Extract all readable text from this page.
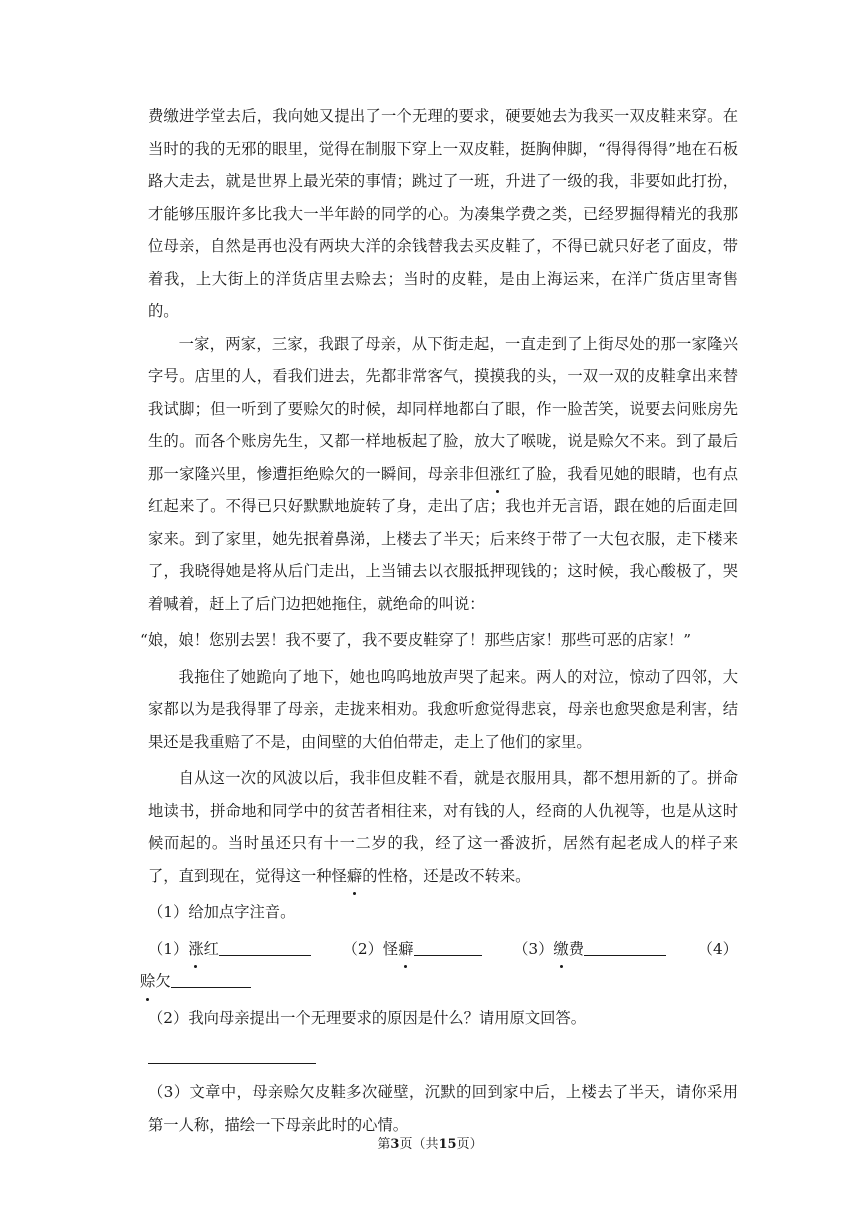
费缴进学堂去后，我向她又提出了一个无理的要求，硬要她去为我买一双皮鞋来穿。在当时的我的无邪的眼里，觉得在制服下穿上一双皮鞋，挺胸伸脚，“得得得得”地在石板路大走去，就是世界上最光荣的事情；跳过了一班，升进了一级的我，非要如此打扮，才能够压服许多比我大一半年龄的同学的心。为凑集学费之类，已经罗掘得精光的我那位母亲，自然是再也没有两块大洋的余钱替我去买皮鞋了，不得已就只好老了面皮，带着我，上大街上的洋货店里去赊去；当时的皮鞋，是由上海运来，在洋广货店里寄售的。

一家，两家，三家，我跟了母亲，从下街走起，一直走到了上街尽处的那一家隆兴字号。店里的人，看我们进去，先都非常客气，摸摸我的头，一双一双的皮鞋拿出来替我试脚；但一听到了要赊欠的时候，却同样地都白了眼，作一脸苦笑，说要去问账房先生的。而各个账房先生，又都一样地板起了脸，放大了喉咙，说是赊欠不来。到了最后那一家隆兴里，惨遭拒绝赊欠的一瞬间，母亲非但涨红了脸，我看见她的眼睛，也有点红起来了。不得已只好默默地旋转了身，走出了店；我也并无言语，跟在她的后面走回家来。到了家里，她先抿着鼻涕，上楼去了半天；后来终于带了一大包衣服，走下楼来了，我晓得她是将从后门走出，上当铺去以衣服抵押现钱的；这时候，我心酸极了，哭着喊着，赶上了后门边把她拖住，就绝命的叫说：

“娘，娘！您别去罢！我不要了，我不要皮鞋穿了！那些店家！那些可恶的店家！”

我拖住了她跪向了地下，她也呜呜地放声哭了起来。两人的对泣，惊动了四邻，大家都以为是我得罪了母亲，走拢来相劝。我愈听愈觉得悲哀，母亲也愈哭愈是利害，结果还是我重赔了不是，由间壁的大伯伯带走，走上了他们的家里。

自从这一次的风波以后，我非但皮鞋不看，就是衣服用具，都不想用新的了。拼命地读书，拼命地和同学中的贫苦者相往来，对有钱的人，经商的人仇视等，也是从这时候而起的。当时虽还只有十一二岁的我，经了这一番波折，居然有起老成人的样子来了，直到现在，觉得这一种怪癖的性格，还是改不转来。

（1）给加点字注音。

（1）涨红	（2）怪癖	（3）缴费	（4）
赊欠

（2）我向母亲提出一个无理要求的原因是什么？请用原文回答。

（3）文章中，母亲赊欠皮鞋多次碰壁，沉默的回到家中后，上楼去了半天，请你采用第一人称，描绘一下母亲此时的心情。

第3页（共15页）
